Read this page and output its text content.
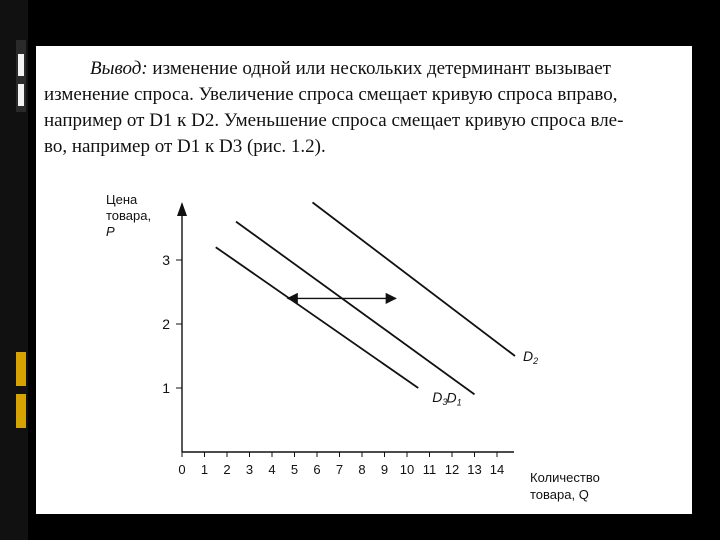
Вывод: изменение одной или нескольких детерминант вызывает
изменение спроса. Увеличение спроса смещает кривую спроса вправо,
например от D1 к D2. Уменьшение спроса смещает кривую спроса вле-
во, например от D1 к D3 (рис. 1.2).
Цена
товара,
P
Количество
товара, Q
0 1 2 3 4 5 6 7 8 9 10 11 12 13 14
1
2
3
$D_2$
$D_1$
$D_3$
